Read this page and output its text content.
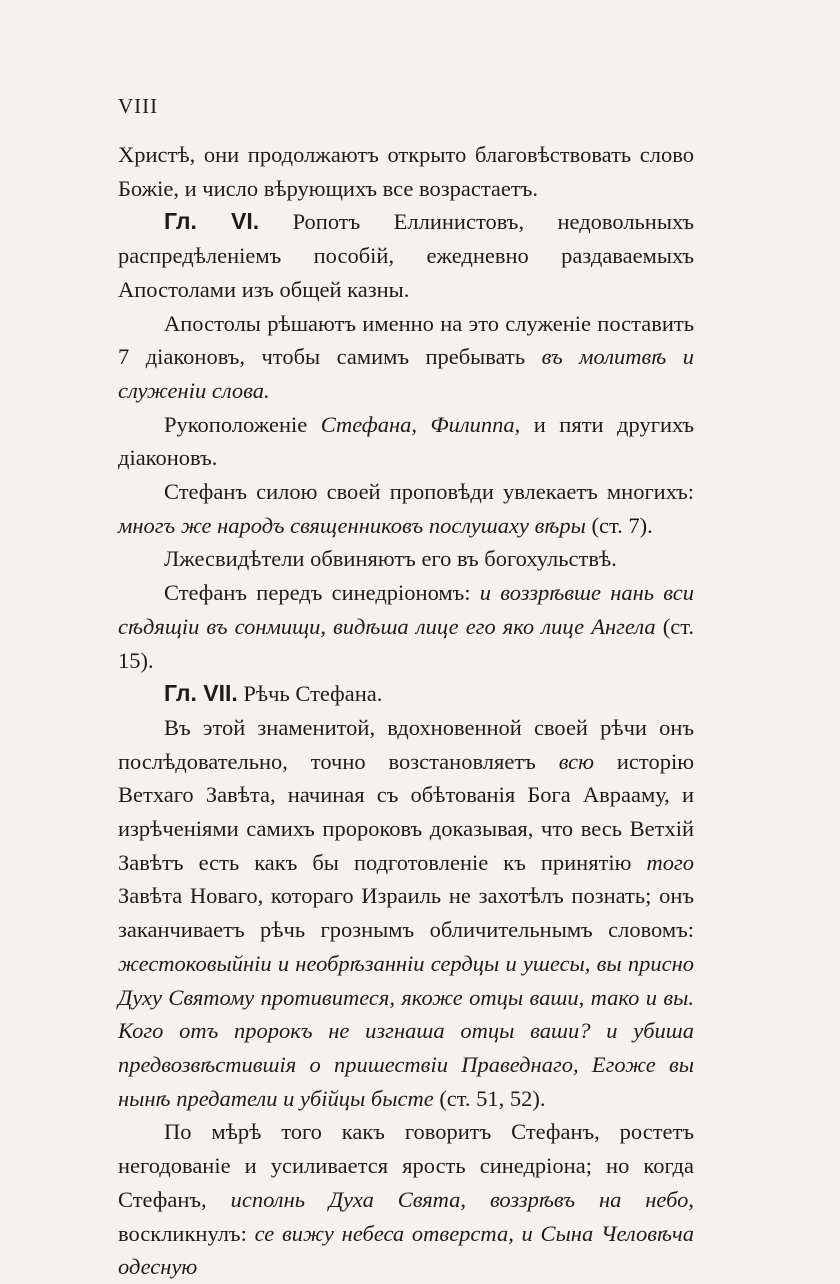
VIII

Христѣ, они продолжаютъ открыто благовѣствовать слово Божіе, и число вѣрующихъ все возрастаетъ.

Гл. VI. Ропотъ Еллинистовъ, недовольныхъ распредѣленіемъ пособій, ежедневно раздаваемыхъ Апостолами изъ общей казны.

Апостолы рѣшаютъ именно на это служеніе поставить 7 діаконовъ, чтобы самимъ пребывать въ молитвѣ и служеніи слова.

Рукоположеніе Стефана, Филиппа, и пяти другихъ діаконовъ.

Стефанъ силою своей проповѣди увлекаетъ многихъ: многъ же народъ священниковъ послушаху вѣры (ст. 7).

Лжесвидѣтели обвиняютъ его въ богохульствѣ.

Стефанъ передъ синедріономъ: и воззрѣвше нань вси сѣдящіи въ сонмищи, видѣша лице его яко лице Ангела (ст. 15).

Гл. VII. Рѣчь Стефана.

Въ этой знаменитой, вдохновенной своей рѣчи онъ послѣдовательно, точно возстановляетъ всю исторію Ветхаго Завѣта, начиная съ обѣтованія Бога Аврааму, и изрѣченіями самихъ пророковъ доказывая, что весь Ветхій Завѣтъ есть какъ бы подготовленіе къ принятію того Завѣта Новаго, котораго Израиль не захотѣлъ познать; онъ заканчиваетъ рѣчь грознымъ обличительнымъ словомъ: жестоковыйніи и необрѣзанніи сердцы и ушесы, вы присно Духу Святому противитеся, якоже отцы ваши, тако и вы. Кого отъ пророкъ не изгнаша отцы ваши? и убиша предвозвѣстившія о пришествіи Праведнаго, Егоже вы нынѣ предатели и убійцы бысте (ст. 51, 52).

По мѣрѣ того какъ говоритъ Стефанъ, ростетъ негодованіе и усиливается ярость синедріона; но когда Стефанъ, исполнь Духа Свята, воззрѣвъ на небо, воскликнулъ: се вижу небеса отверста, и Сына Человѣча одесную
